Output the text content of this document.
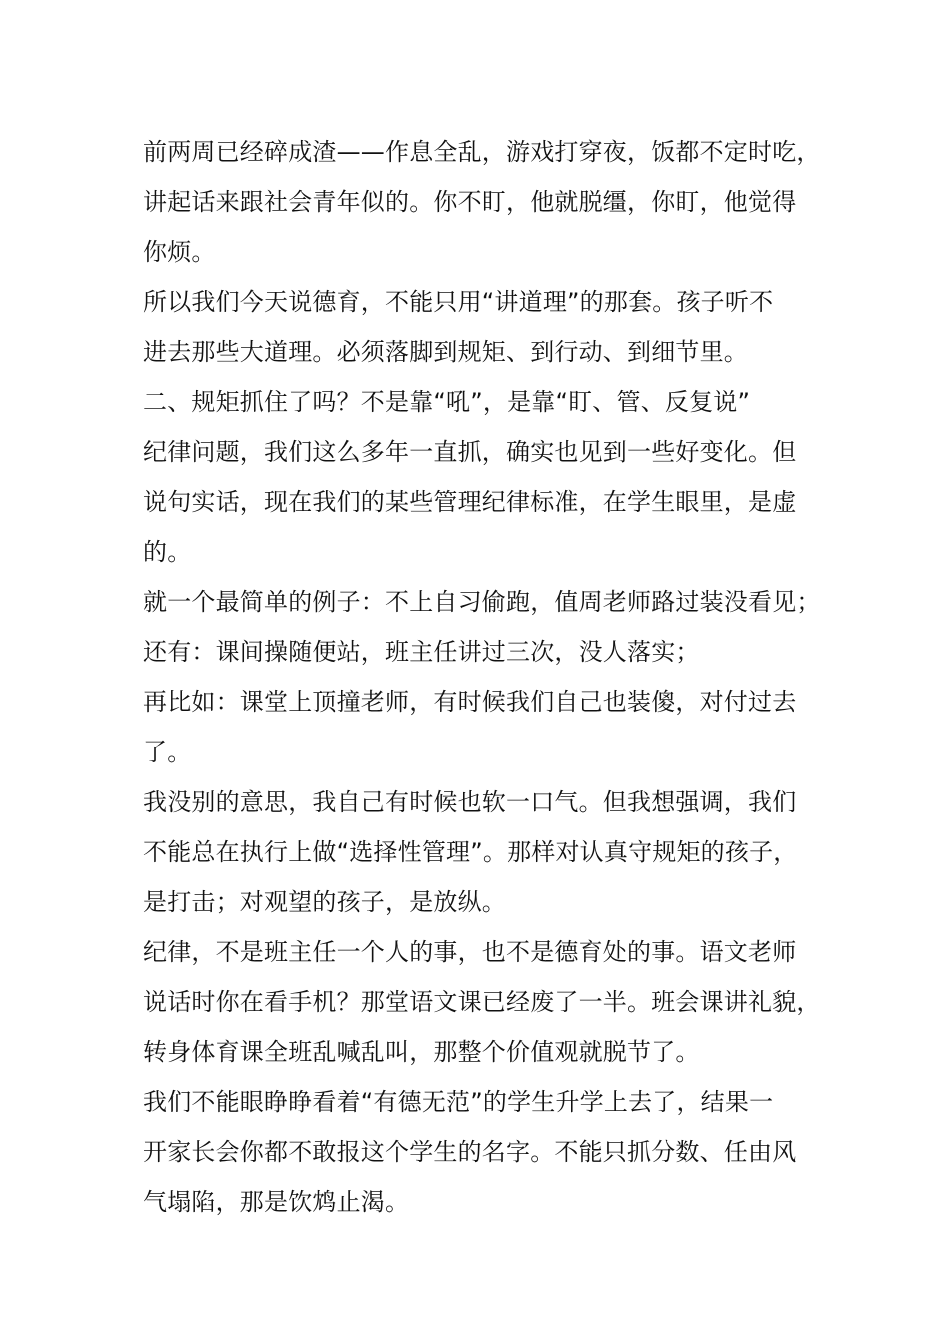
前两周已经碎成渣——作息全乱，游戏打穿夜，饭都不定时吃，
讲起话来跟社会青年似的。你不盯，他就脱缰，你盯，他觉得
你烦。
所以我们今天说德育，不能只用“讲道理”的那套。孩子听不
进去那些大道理。必须落脚到规矩、到行动、到细节里。
二、规矩抓住了吗？不是靠“吼”，是靠“盯、管、反复说”
纪律问题，我们这么多年一直抓，确实也见到一些好变化。但
说句实话，现在我们的某些管理纪律标准，在学生眼里，是虚
的。
就一个最简单的例子：不上自习偷跑，值周老师路过装没看见；
还有：课间操随便站，班主任讲过三次，没人落实；
再比如：课堂上顶撞老师，有时候我们自己也装傻，对付过去
了。
我没别的意思，我自己有时候也软一口气。但我想强调，我们
不能总在执行上做“选择性管理”。那样对认真守规矩的孩子，
是打击；对观望的孩子，是放纵。
纪律，不是班主任一个人的事，也不是德育处的事。语文老师
说话时你在看手机？那堂语文课已经废了一半。班会课讲礼貌，
转身体育课全班乱喊乱叫，那整个价值观就脱节了。
我们不能眼睁睁看着“有德无范”的学生升学上去了，结果一
开家长会你都不敢报这个学生的名字。不能只抓分数、任由风
气塌陷，那是饮鸩止渴。
